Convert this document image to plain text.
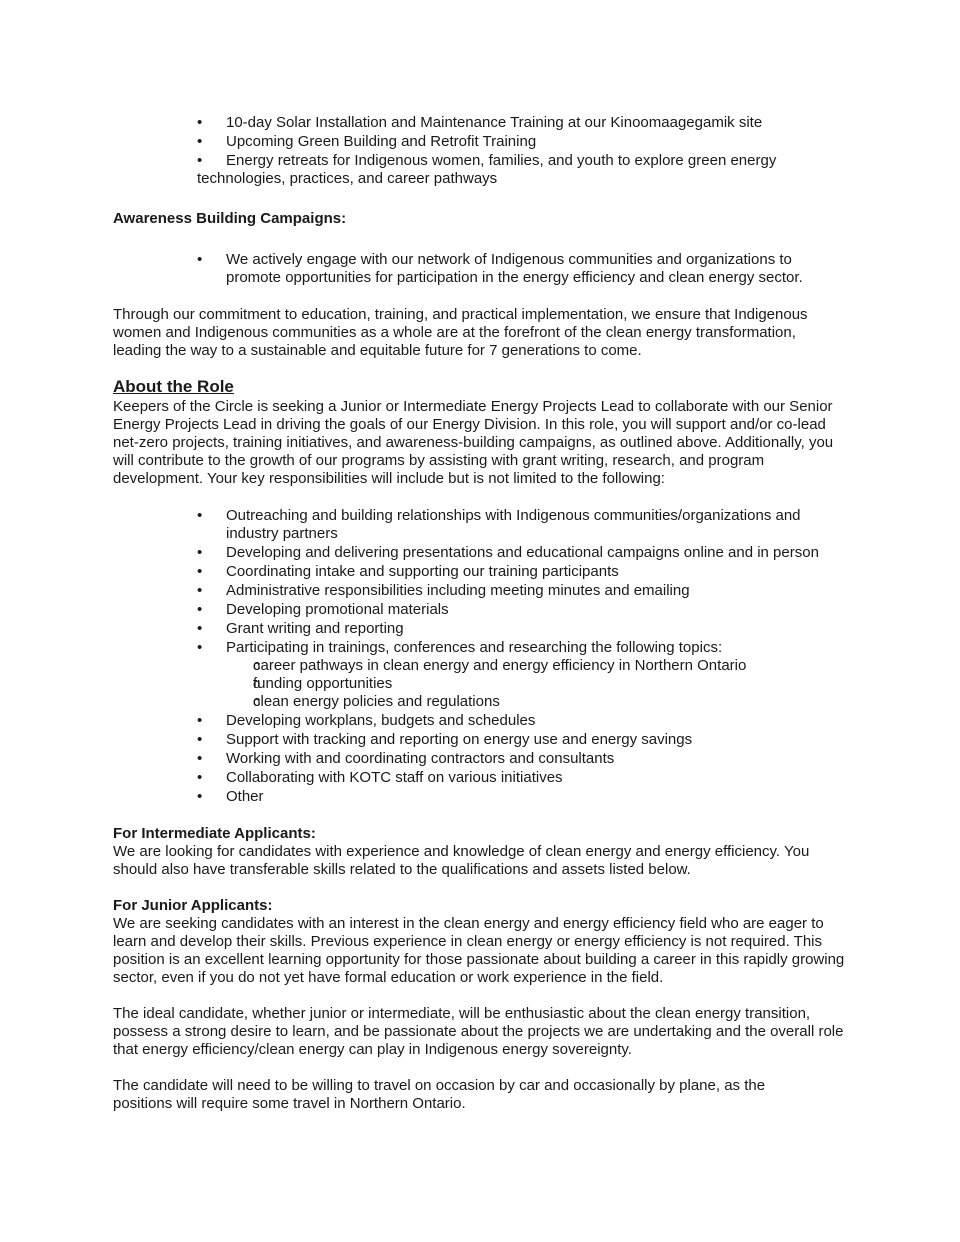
• 10-day Solar Installation and Maintenance Training at our Kinoomaagegamik site
• Upcoming Green Building and Retrofit Training
• Energy retreats for Indigenous women, families, and youth to explore green energy
technologies, practices, and career pathways

Awareness Building Campaigns:

• We actively engage with our network of Indigenous communities and organizations to promote opportunities for participation in the energy efficiency and clean energy sector.

Through our commitment to education, training, and practical implementation, we ensure that Indigenous women and Indigenous communities as a whole are at the forefront of the clean energy transformation, leading the way to a sustainable and equitable future for 7 generations to come.

About the Role

Keepers of the Circle is seeking a Junior or Intermediate Energy Projects Lead to collaborate with our Senior Energy Projects Lead in driving the goals of our Energy Division. In this role, you will support and/or co-lead net-zero projects, training initiatives, and awareness-building campaigns, as outlined above. Additionally, you will contribute to the growth of our programs by assisting with grant writing, research, and program development. Your key responsibilities will include but is not limited to the following:

• Outreaching and building relationships with Indigenous communities/organizations and industry partners
• Developing and delivering presentations and educational campaigns online and in person
• Coordinating intake and supporting our training participants
• Administrative responsibilities including meeting minutes and emailing
• Developing promotional materials
• Grant writing and reporting
• Participating in trainings, conferences and researching the following topics:
o career pathways in clean energy and energy efficiency in Northern Ontario
o funding opportunities
o clean energy policies and regulations
• Developing workplans, budgets and schedules
• Support with tracking and reporting on energy use and energy savings
• Working with and coordinating contractors and consultants
• Collaborating with KOTC staff on various initiatives
• Other

For Intermediate Applicants:

We are looking for candidates with experience and knowledge of clean energy and energy efficiency. You should also have transferable skills related to the qualifications and assets listed below.

For Junior Applicants:

We are seeking candidates with an interest in the clean energy and energy efficiency field who are eager to learn and develop their skills. Previous experience in clean energy or energy efficiency is not required. This position is an excellent learning opportunity for those passionate about building a career in this rapidly growing sector, even if you do not yet have formal education or work experience in the field.

The ideal candidate, whether junior or intermediate, will be enthusiastic about the clean energy transition, possess a strong desire to learn, and be passionate about the projects we are undertaking and the overall role that energy efficiency/clean energy can play in Indigenous energy sovereignty.

The candidate will need to be willing to travel on occasion by car and occasionally by plane, as the positions will require some travel in Northern Ontario.
